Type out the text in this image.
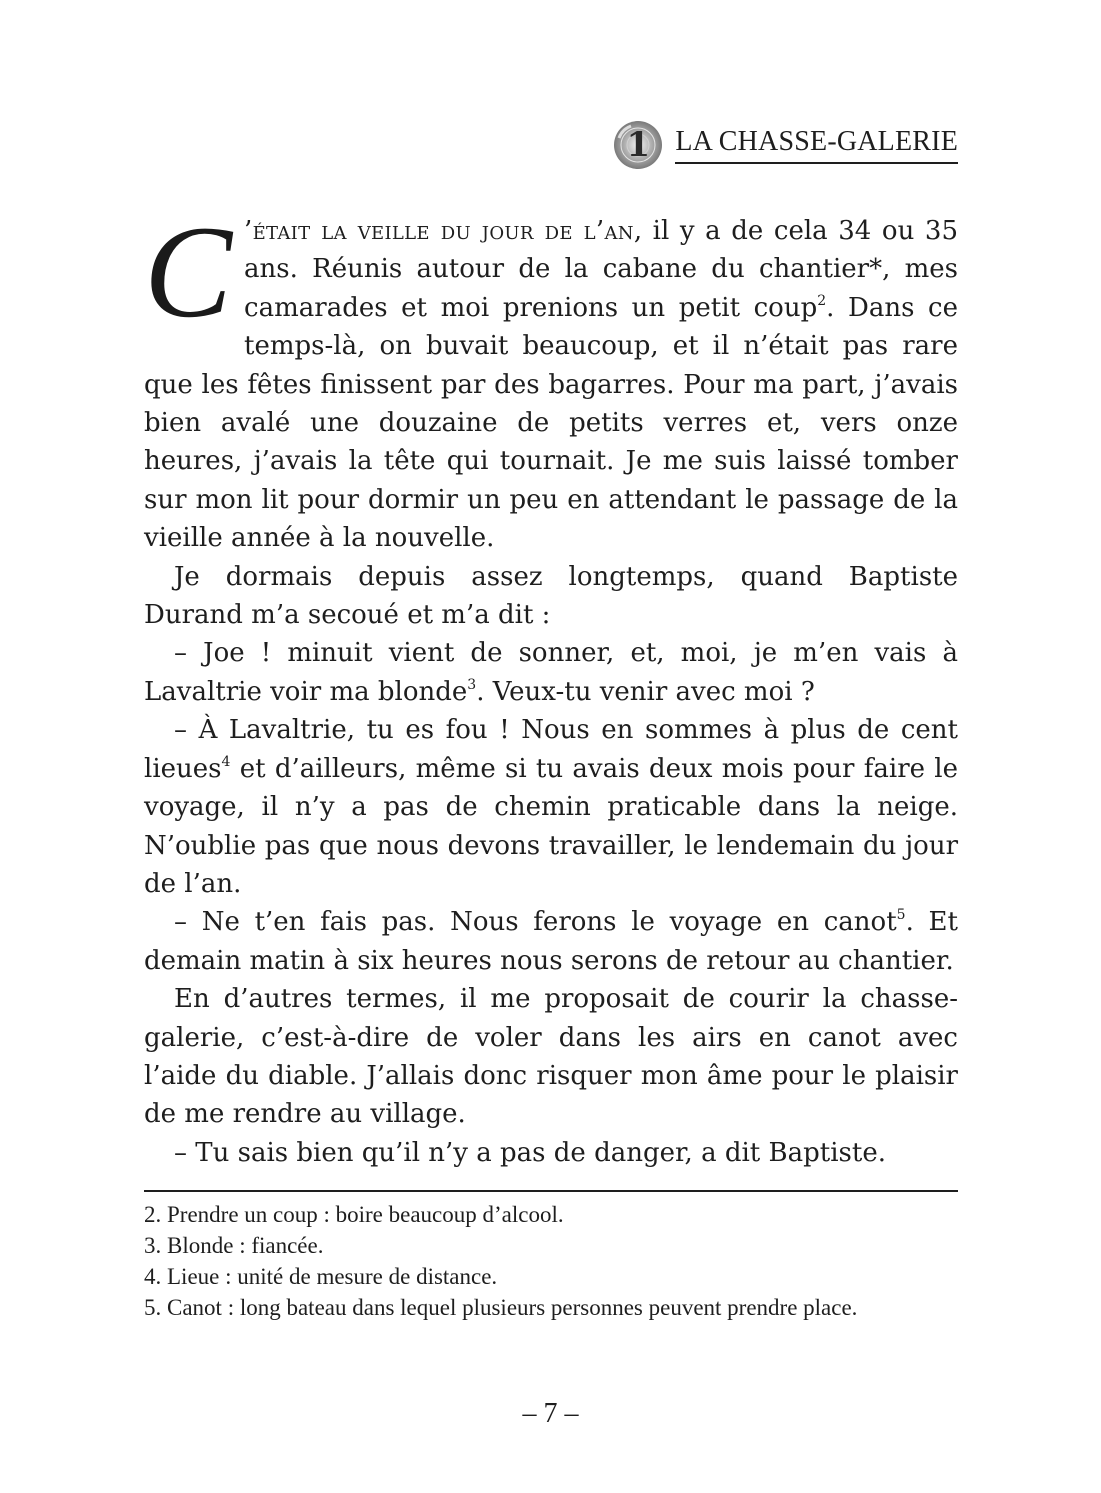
1 LA CHASSE-GALERIE

C ’était la veille du jour de l’an, il y a de cela 34 ou 35 ans. Réunis autour de la cabane du chantier*, mes camarades et moi prenions un petit coup$^2$. Dans ce temps-là, on buvait beaucoup, et il n’était pas rare que les fêtes finissent par des bagarres. Pour ma part, j’avais bien avalé une douzaine de petits verres et, vers onze heures, j’avais la tête qui tournait. Je me suis laissé tomber sur mon lit pour dormir un peu en attendant le passage de la vieille année à la nouvelle.

Je dormais depuis assez longtemps, quand Baptiste Durand m’a secoué et m’a dit :

– Joe ! minuit vient de sonner, et, moi, je m’en vais à Lavaltrie voir ma blonde$^3$. Veux-tu venir avec moi ?

– À Lavaltrie, tu es fou ! Nous en sommes à plus de cent lieues$^4$ et d’ailleurs, même si tu avais deux mois pour faire le voyage, il n’y a pas de chemin praticable dans la neige. N’oublie pas que nous devons travailler, le lendemain du jour de l’an.

– Ne t’en fais pas. Nous ferons le voyage en canot$^5$. Et demain matin à six heures nous serons de retour au chantier.

En d’autres termes, il me proposait de courir la chasse-galerie, c’est-à-dire de voler dans les airs en canot avec l’aide du diable. J’allais donc risquer mon âme pour le plaisir de me rendre au village.

– Tu sais bien qu’il n’y a pas de danger, a dit Baptiste.

2. Prendre un coup : boire beaucoup d’alcool.

3. Blonde : fiancée.

4. Lieue : unité de mesure de distance.

5. Canot : long bateau dans lequel plusieurs personnes peuvent prendre place.

– 7 –
